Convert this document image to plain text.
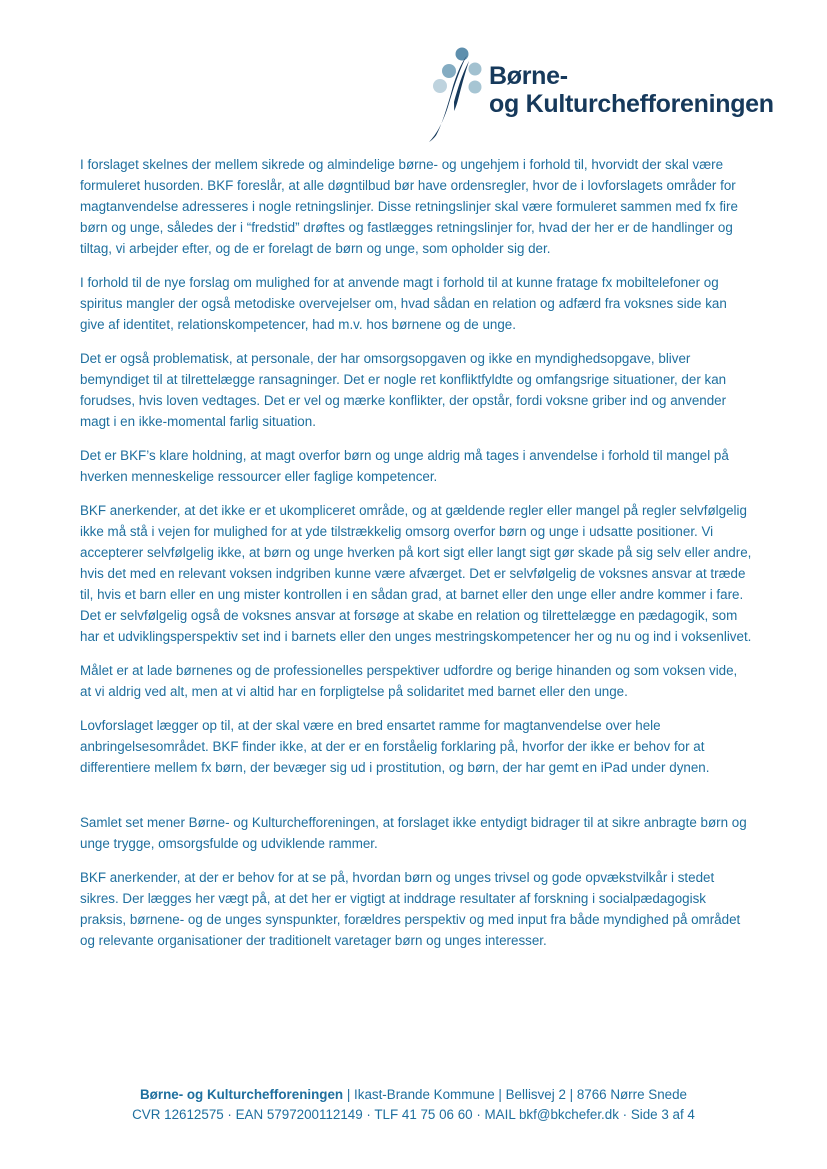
Børne-
og Kulturchefforeningen

I forslaget skelnes der mellem sikrede og almindelige børne- og ungehjem i forhold til, hvorvidt der skal være formuleret husorden. BKF foreslår, at alle døgntilbud bør have ordensregler, hvor de i lovforslagets områder for magtanvendelse adresseres i nogle retningslinjer. Disse retningslinjer skal være formuleret sammen med fx fire børn og unge, således der i “fredstid” drøftes og fastlægges retningslinjer for, hvad der her er de handlinger og tiltag, vi arbejder efter, og de er forelagt de børn og unge, som opholder sig der.

I forhold til de nye forslag om mulighed for at anvende magt i forhold til at kunne fratage fx mobiltelefoner og spiritus mangler der også metodiske overvejelser om, hvad sådan en relation og adfærd fra voksnes side kan give af identitet, relationskompetencer, had m.v. hos børnene og de unge.

Det er også problematisk, at personale, der har omsorgsopgaven og ikke en myndighedsopgave, bliver bemyndiget til at tilrettelægge ransagninger. Det er nogle ret konfliktfyldte og omfangsrige situationer, der kan forudses, hvis loven vedtages. Det er vel og mærke konflikter, der opstår, fordi voksne griber ind og anvender magt i en ikke-momental farlig situation.

Det er BKF’s klare holdning, at magt overfor børn og unge aldrig må tages i anvendelse i forhold til mangel på hverken menneskelige ressourcer eller faglige kompetencer.

BKF anerkender, at det ikke er et ukompliceret område, og at gældende regler eller mangel på regler selvfølgelig ikke må stå i vejen for mulighed for at yde tilstrækkelig omsorg overfor børn og unge i udsatte positioner. Vi accepterer selvfølgelig ikke, at børn og unge hverken på kort sigt eller langt sigt gør skade på sig selv eller andre, hvis det med en relevant voksen indgriben kunne være afværget. Det er selvfølgelig de voksnes ansvar at træde til, hvis et barn eller en ung mister kontrollen i en sådan grad, at barnet eller den unge eller andre kommer i fare. Det er selvfølgelig også de voksnes ansvar at forsøge at skabe en relation og tilrettelægge en pædagogik, som har et udviklingsperspektiv set ind i barnets eller den unges mestringskompetencer her og nu og ind i voksenlivet.

Målet er at lade børnenes og de professionelles perspektiver udfordre og berige hinanden og som voksen vide, at vi aldrig ved alt, men at vi altid har en forpligtelse på solidaritet med barnet eller den unge.

Lovforslaget lægger op til, at der skal være en bred ensartet ramme for magtanvendelse over hele anbringelsesområdet. BKF finder ikke, at der er en forståelig forklaring på, hvorfor der ikke er behov for at differentiere mellem fx børn, der bevæger sig ud i prostitution, og børn, der har gemt en iPad under dynen.

Samlet set mener Børne- og Kulturchefforeningen, at forslaget ikke entydigt bidrager til at sikre anbragte børn og unge trygge, omsorgsfulde og udviklende rammer.

BKF anerkender, at der er behov for at se på, hvordan børn og unges trivsel og gode opvækstvilkår i stedet sikres. Der lægges her vægt på, at det her er vigtigt at inddrage resultater af forskning i socialpædagogisk praksis, børnene- og de unges synspunkter, forældres perspektiv og med input fra både myndighed på området og relevante organisationer der traditionelt varetager børn og unges interesser.

Børne- og Kulturchefforeningen | Ikast-Brande Kommune | Bellisvej 2 | 8766 Nørre Snede

CVR 12612575 · EAN 5797200112149 · TLF 41 75 06 60 · MAIL bkf@bkchefer.dk · Side 3 af 4
